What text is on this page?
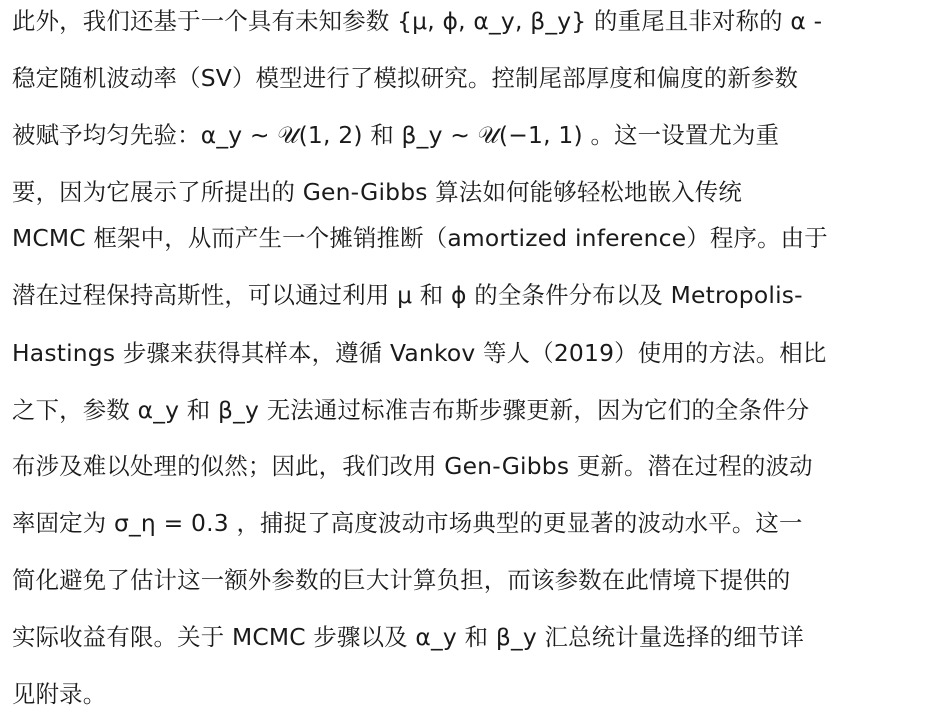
此外，我们还基于一个具有未知参数 {μ, ϕ, α_y, β_y} 的重尾且非对称的 α -
稳定随机波动率（SV）模型进行了模拟研究。控制尾部厚度和偏度的新参数
被赋予均匀先验：α_y ∼ 𝒰(1, 2) 和 β_y ∼ 𝒰(−1, 1) 。这一设置尤为重
要，因为它展示了所提出的 Gen-Gibbs 算法如何能够轻松地嵌入传统
MCMC 框架中，从而产生一个摊销推断（amortized inference）程序。由于
潜在过程保持高斯性，可以通过利用 μ 和 ϕ 的全条件分布以及 Metropolis-
Hastings 步骤来获得其样本，遵循 Vankov 等人（2019）使用的方法。相比
之下，参数 α_y 和 β_y 无法通过标准吉布斯步骤更新，因为它们的全条件分
布涉及难以处理的似然；因此，我们改用 Gen-Gibbs 更新。潜在过程的波动
率固定为 σ_η = 0.3 ，捕捉了高度波动市场典型的更显著的波动水平。这一
简化避免了估计这一额外参数的巨大计算负担，而该参数在此情境下提供的
实际收益有限。关于 MCMC 步骤以及 α_y 和 β_y 汇总统计量选择的细节详
见附录。
